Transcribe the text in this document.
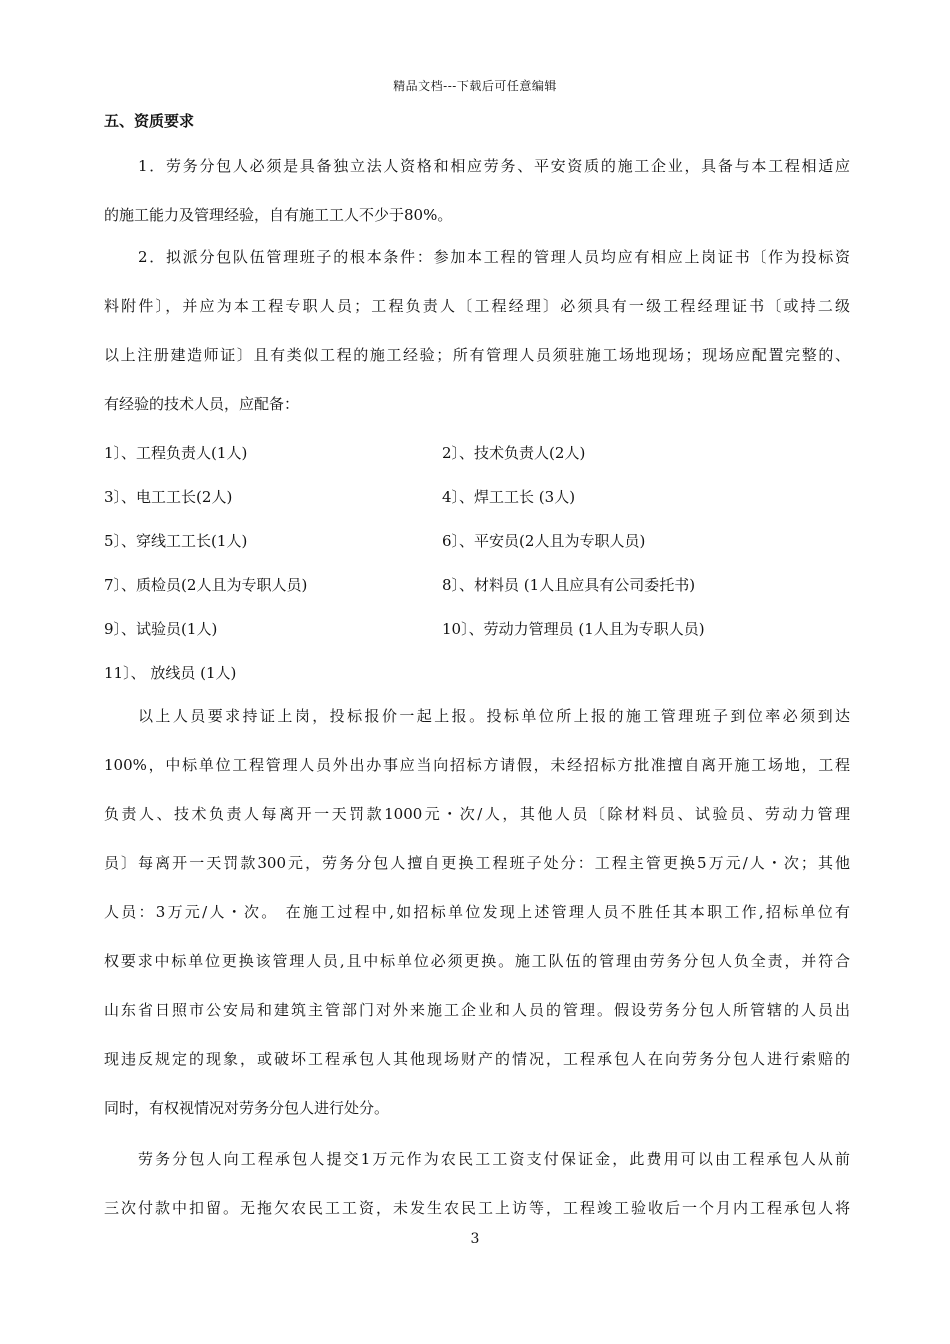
精品文档---下载后可任意编辑
五、资质要求
1．劳务分包人必须是具备独立法人资格和相应劳务、平安资质的施工企业，具备与本工程相适应
的施工能力及管理经验，自有施工工人不少于80%。
2．拟派分包队伍管理班子的根本条件：参加本工程的管理人员均应有相应上岗证书〔作为投标资
料附件〕，并应为本工程专职人员；工程负责人〔工程经理〕必须具有一级工程经理证书〔或持二级
以上注册建造师证〕且有类似工程的施工经验；所有管理人员须驻施工场地现场；现场应配置完整的、
有经验的技术人员，应配备：
1〕、工程负责人(1人)	2〕、技术负责人(2人)
3〕、电工工长(2人)	4〕、焊工工长 (3人)
5〕、穿线工工长(1人)	6〕、平安员(2人且为专职人员)
7〕、质检员(2人且为专职人员)	8〕、材料员 (1人且应具有公司委托书)
9〕、试验员(1人)	10〕、劳动力管理员 (1人且为专职人员)
11〕、 放线员 (1人)
以上人员要求持证上岗，投标报价一起上报。投标单位所上报的施工管理班子到位率必须到达
100%，中标单位工程管理人员外出办事应当向招标方请假，未经招标方批准擅自离开施工场地，工程
负责人、技术负责人每离开一天罚款1000元・次/人，其他人员〔除材料员、试验员、劳动力管理
员〕每离开一天罚款300元，劳务分包人擅自更换工程班子处分：工程主管更换5万元/人・次；其他
人员：3万元/人・次。 在施工过程中,如招标单位发现上述管理人员不胜任其本职工作,招标单位有
权要求中标单位更换该管理人员,且中标单位必须更换。施工队伍的管理由劳务分包人负全责，并符合
山东省日照市公安局和建筑主管部门对外来施工企业和人员的管理。假设劳务分包人所管辖的人员出
现违反规定的现象，或破坏工程承包人其他现场财产的情况，工程承包人在向劳务分包人进行索赔的
同时，有权视情况对劳务分包人进行处分。
劳务分包人向工程承包人提交1万元作为农民工工资支付保证金，此费用可以由工程承包人从前
三次付款中扣留。无拖欠农民工工资，未发生农民工上访等，工程竣工验收后一个月内工程承包人将
3
